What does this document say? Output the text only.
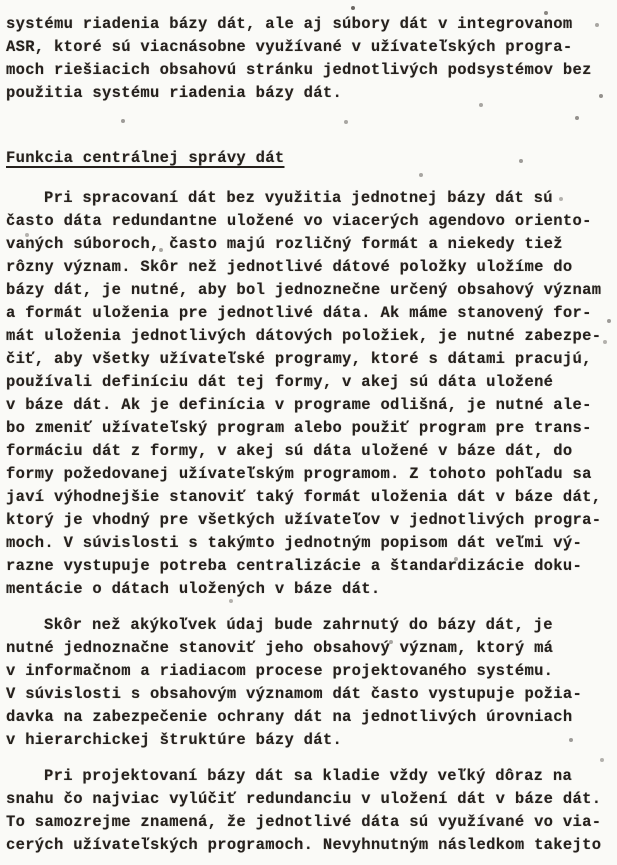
systému riadenia bázy dát, ale aj súbory dát v integrovanom
ASR, ktoré sú viacnásobne využívané v užívateľských progra-
moch riešiacich obsahovú stránku jednotlivých podsystémov bez
použitia systému riadenia bázy dát.
Funkcia centrálnej správy dát
Pri spracovaní dát bez využitia jednotnej bázy dát sú
často dáta redundantne uložené vo viacerých agendovo oriento-
vaných súboroch, často majú rozličný formát a niekedy tiež
rôzny význam. Skôr než jednotlivé dátové položky uložíme do
bázy dát, je nutné, aby bol jednoznečne určený obsahový význam
a formát uloženia pre jednotlivé dáta. Ak máme stanovený for-
mát uloženia jednotlivých dátových položiek, je nutné zabezpe-
čiť, aby všetky užívateľské programy, ktoré s dátami pracujú,
používali definíciu dát tej formy, v akej sú dáta uložené
v báze dát. Ak je definícia v programe odlišná, je nutné ale-
bo zmeniť užívateľský program alebo použiť program pre trans-
formáciu dát z formy, v akej sú dáta uložené v báze dát, do
formy požedovanej užívateľským programom. Z tohoto pohľadu sa
javí výhodnejšie stanoviť taký formát uloženia dát v báze dát,
ktorý je vhodný pre všetkých užívateľov v jednotlivých progra-
moch. V súvislosti s takýmto jednotným popisom dát veľmi vý-
razne vystupuje potreba centralizácie a štandardizácie doku-
mentácie o dátach uložených v báze dát.
Skôr než akýkoľvek údaj bude zahrnutý do bázy dát, je
nutné jednoznačne stanoviť jeho obsahový význam, ktorý má
v informačnom a riadiacom procese projektovaného systému.
V súvislosti s obsahovým významom dát často vystupuje požia-
davka na zabezpečenie ochrany dát na jednotlivých úrovniach
v hierarchickej štruktúre bázy dát.
Pri projektovaní bázy dát sa kladie vždy veľký dôraz na
snahu čo najviac vylúčiť redundanciu v uložení dát v báze dát.
To samozrejme znamená, že jednotlivé dáta sú využívané vo via-
cerých užívateľských programoch. Nevyhnutným následkom takejto
